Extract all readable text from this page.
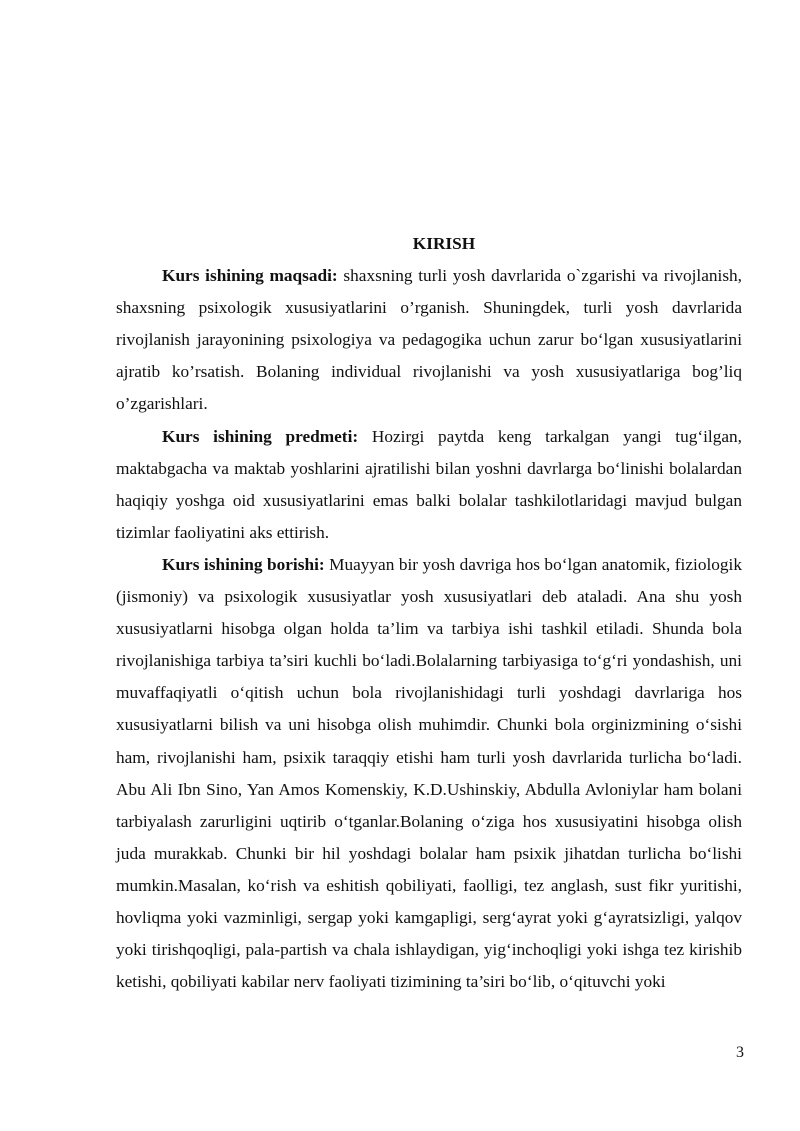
KIRISH

Kurs ishining maqsadi: shaxsning turli yosh davrlarida o`zgarishi va rivojlanish, shaxsning psixologik xususiyatlarini o’rganish. Shuningdek, turli yosh davrlarida rivojlanish jarayonining psixologiya va pedagogika uchun zarur bo‘lgan xususiyatlarini ajratib ko’rsatish. Bolaning individual rivojlanishi va yosh xususiyatlariga bog’liq o’zgarishlari.

Kurs ishining predmeti: Hozirgi paytda keng tarkalgan yangi tug‘ilgan, maktabgacha va maktab yoshlarini ajratilishi bilan yoshni davrlarga bo‘linishi bolalardan haqiqiy yoshga oid xususiyatlarini emas balki bolalar tashkilotlaridagi mavjud bulgan tizimlar faoliyatini aks ettirish.

Kurs ishining borishi: Muayyan bir yosh davriga hos bo‘lgan anatomik, fiziologik (jismoniy) va psixologik xususiyatlar yosh xususiyatlari deb ataladi. Ana shu yosh xususiyatlarni hisobga olgan holda ta’lim va tarbiya ishi tashkil etiladi. Shunda bola rivojlanishiga tarbiya ta’siri kuchli bo‘ladi.Bolalarning tarbiyasiga to‘g‘ri yondashish, uni muvaffaqiyatli o‘qitish uchun bola rivojlanishidagi turli yoshdagi davrlariga hos xususiyatlarni bilish va uni hisobga olish muhimdir. Chunki bola orginizmining o‘sishi ham, rivojlanishi ham, psixik taraqqiy etishi ham turli yosh davrlarida turlicha bo‘ladi. Abu Ali Ibn Sino, Yan Amos Komenskiy, K.D.Ushinskiy, Abdulla Avloniylar ham bolani tarbiyalash zarurligini uqtirib o‘tganlar.Bolaning o‘ziga hos xususiyatini hisobga olish juda murakkab. Chunki bir hil yoshdagi bolalar ham psixik jihatdan turlicha bo‘lishi mumkin.Masalan, ko‘rish va eshitish qobiliyati, faolligi, tez anglash, sust fikr yuritishi, hovliqma yoki vazminligi, sergap yoki kamgapligi, serg‘ayrat yoki g‘ayratsizligi, yalqov yoki tirishqoqligi, pala-partish va chala ishlaydigan, yig‘inchoqligi yoki ishga tez kirishib ketishi, qobiliyati kabilar nerv faoliyati tizimining ta’siri bo‘lib, o‘qituvchi yoki

3
